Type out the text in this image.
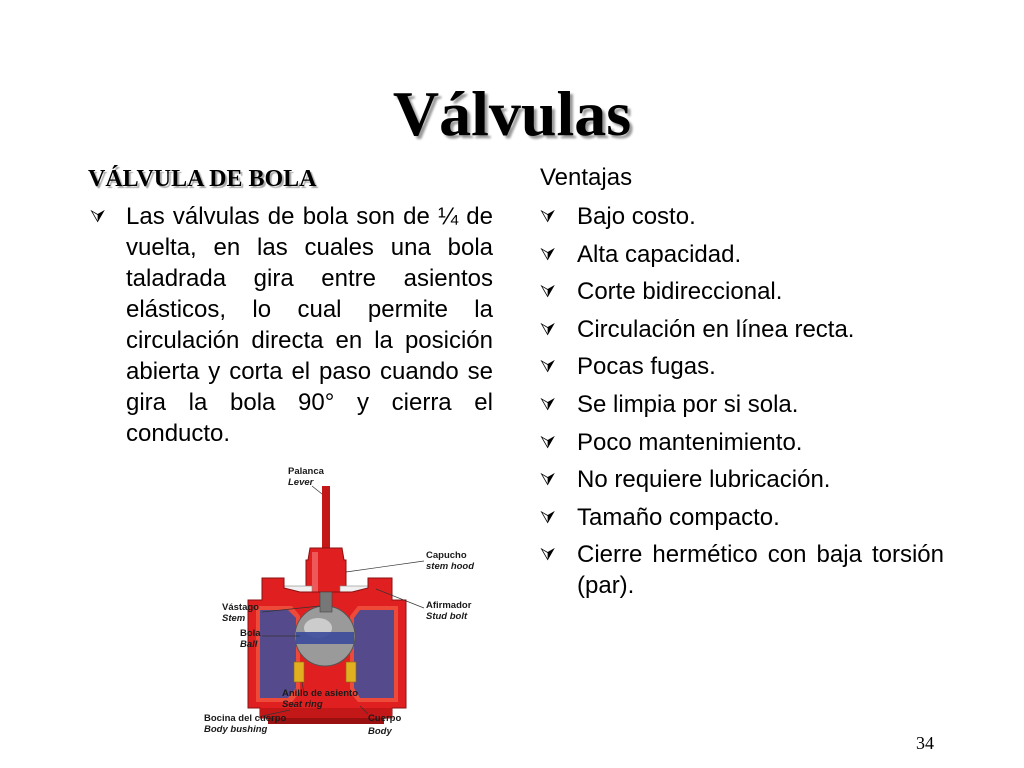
Válvulas
VÁLVULA DE BOLA
⮛ Las válvulas de bola son de ¼ de vuelta, en las cuales una bola taladrada gira entre asientos elásticos, lo cual permite la circulación directa en la posición abierta y corta el paso cuando se gira la bola 90° y cierra el conducto.
Ventajas
⮛ Bajo costo.
⮛ Alta capacidad.
⮛ Corte bidireccional.
⮛ Circulación en línea recta.
⮛ Pocas fugas.
⮛ Se limpia por si sola.
⮛ Poco mantenimiento.
⮛ No requiere lubricación.
⮛ Tamaño compacto.
⮛ Cierre hermético con baja torsión (par).
Palanca
Lever
Capucho
stem hood
Vástago
Stem
Afirmador
Stud bolt
Bola
Ball
Anillo de asiento
Seat ring
Bocina del cuerpo
Body bushing
Cuerpo
Body
34
